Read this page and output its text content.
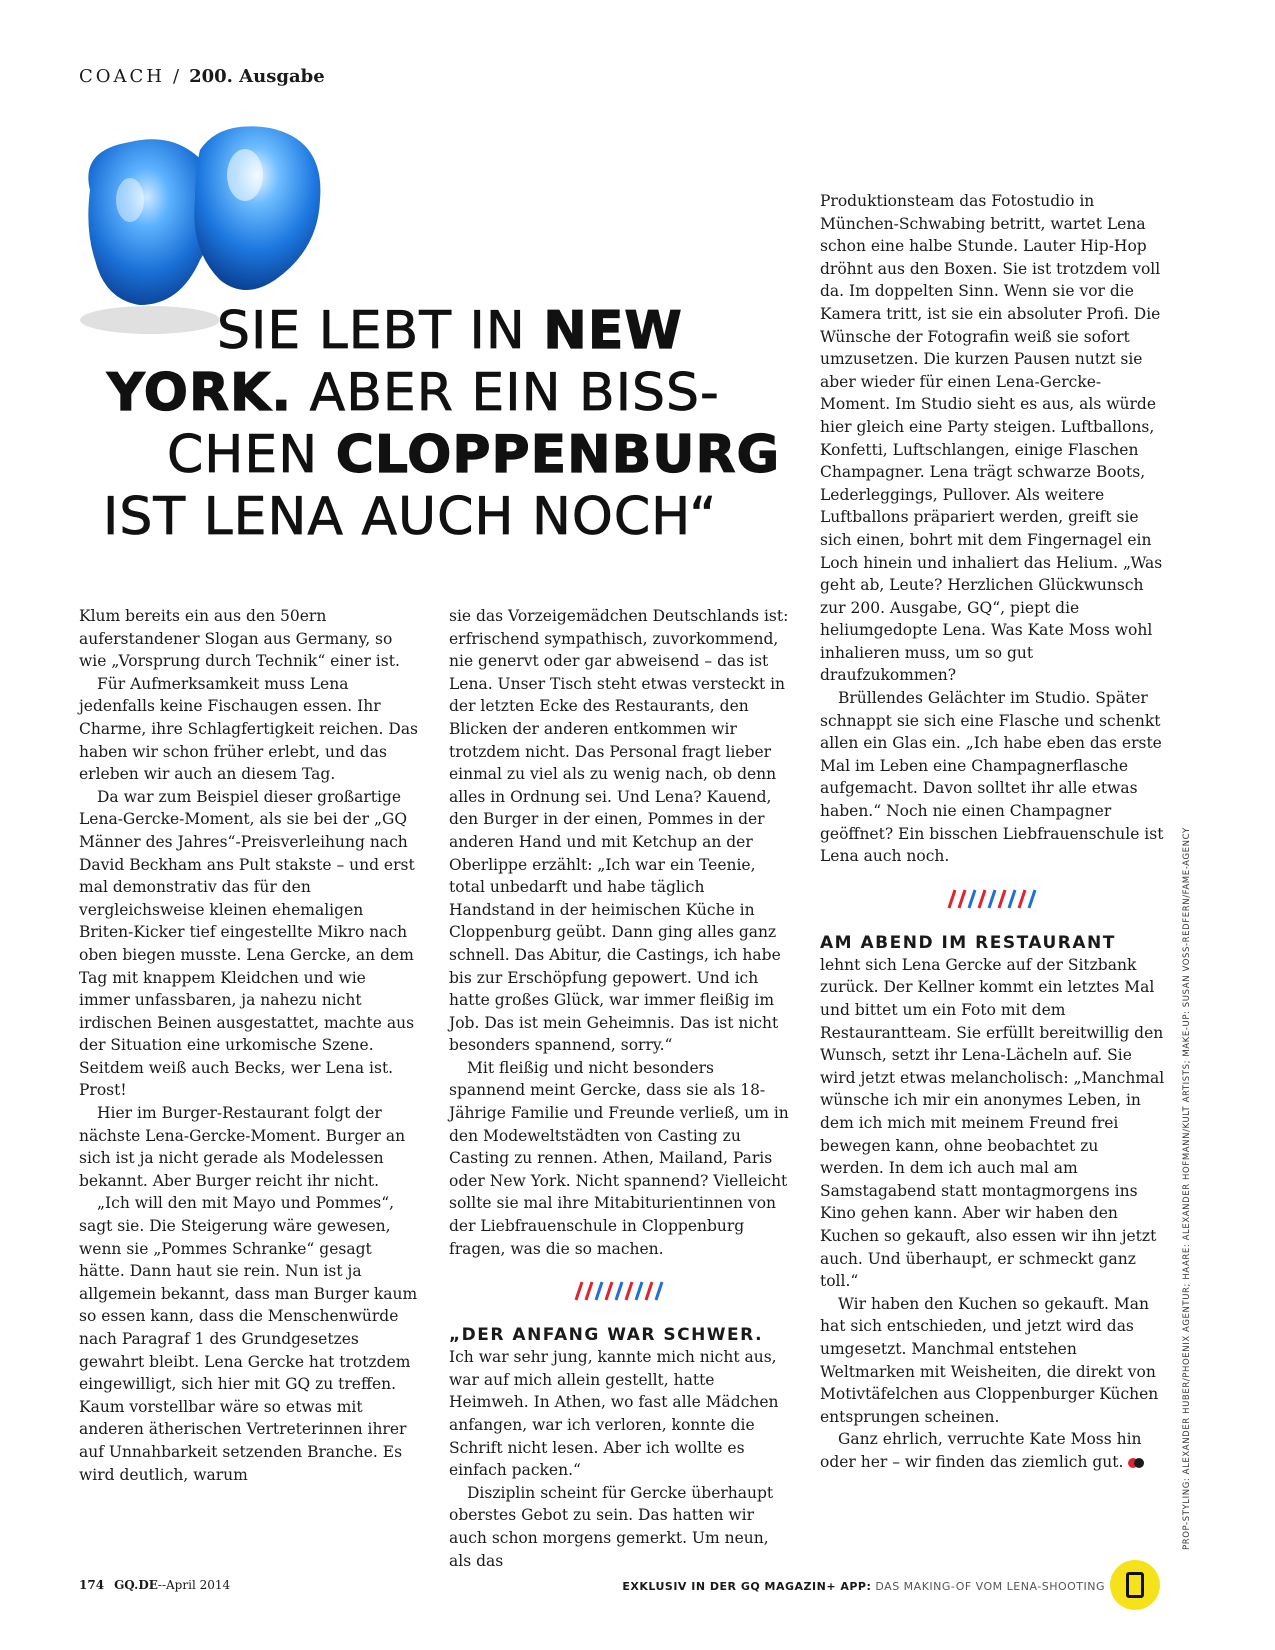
COACH / 200. Ausgabe
SIE LEBT IN NEW
YORK. ABER EIN BISS-
CHEN CLOPPENBURG
IST LENA AUCH NOCH“

Klum bereits ein aus den 50ern auferstandener Slogan aus Germany, so wie „Vorsprung durch Technik“ einer ist.

Für Aufmerksamkeit muss Lena jedenfalls keine Fischaugen essen. Ihr Charme, ihre Schlagfertigkeit reichen. Das haben wir schon früher erlebt, und das erleben wir auch an diesem Tag.

Da war zum Beispiel dieser großartige Lena-Gercke-Moment, als sie bei der „GQ Männer des Jahres“-Preisverleihung nach David Beckham ans Pult stakste – und erst mal demonstrativ das für den vergleichsweise kleinen ehemaligen Briten-Kicker tief eingestellte Mikro nach oben biegen musste. Lena Gercke, an dem Tag mit knappem Kleidchen und wie immer unfassbaren, ja nahezu nicht irdischen Beinen ausgestattet, machte aus der Situation eine urkomische Szene. Seitdem weiß auch Becks, wer Lena ist. Prost!

Hier im Burger-Restaurant folgt der nächste Lena-Gercke-Moment. Burger an sich ist ja nicht gerade als Modelessen bekannt. Aber Burger reicht ihr nicht.

„Ich will den mit Mayo und Pommes“, sagt sie. Die Steigerung wäre gewesen, wenn sie „Pommes Schranke“ gesagt hätte. Dann haut sie rein. Nun ist ja allgemein bekannt, dass man Burger kaum so essen kann, dass die Menschenwürde nach Paragraf 1 des Grundgesetzes gewahrt bleibt. Lena Gercke hat trotzdem eingewilligt, sich hier mit GQ zu treffen. Kaum vorstellbar wäre so etwas mit anderen ätherischen Vertreterinnen ihrer auf Unnahbarkeit setzenden Branche. Es wird deutlich, warum

sie das Vorzeigemädchen Deutschlands ist: erfrischend sympathisch, zuvorkommend, nie genervt oder gar abweisend – das ist Lena. Unser Tisch steht etwas versteckt in der letzten Ecke des Restaurants, den Blicken der anderen entkommen wir trotzdem nicht. Das Personal fragt lieber einmal zu viel als zu wenig nach, ob denn alles in Ordnung sei. Und Lena? Kauend, den Burger in der einen, Pommes in der anderen Hand und mit Ketchup an der Oberlippe erzählt: „Ich war ein Teenie, total unbedarft und habe täglich Handstand in der heimischen Küche in Cloppenburg geübt. Dann ging alles ganz schnell. Das Abitur, die Castings, ich habe bis zur Erschöpfung gepowert. Und ich hatte großes Glück, war immer fleißig im Job. Das ist mein Geheimnis. Das ist nicht besonders spannend, sorry.“

Mit fleißig und nicht besonders spannend meint Gercke, dass sie als 18-Jährige Familie und Freunde verließ, um in den Modeweltstädten von Casting zu Casting zu rennen. Athen, Mailand, Paris oder New York. Nicht spannend? Vielleicht sollte sie mal ihre Mitabiturientinnen von der Liebfrauenschule in Cloppenburg fragen, was die so machen.

„DER ANFANG WAR SCHWER.

Ich war sehr jung, kannte mich nicht aus, war auf mich allein gestellt, hatte Heimweh. In Athen, wo fast alle Mädchen anfangen, war ich verloren, konnte die Schrift nicht lesen. Aber ich wollte es einfach packen.“

Disziplin scheint für Gercke überhaupt oberstes Gebot zu sein. Das hatten wir auch schon morgens gemerkt. Um neun, als das

Produktionsteam das Fotostudio in München-Schwabing betritt, wartet Lena schon eine halbe Stunde. Lauter Hip-Hop dröhnt aus den Boxen. Sie ist trotzdem voll da. Im doppelten Sinn. Wenn sie vor die Kamera tritt, ist sie ein absoluter Profi. Die Wünsche der Fotografin weiß sie sofort umzusetzen. Die kurzen Pausen nutzt sie aber wieder für einen Lena-Gercke-Moment. Im Studio sieht es aus, als würde hier gleich eine Party steigen. Luftballons, Konfetti, Luftschlangen, einige Flaschen Champagner. Lena trägt schwarze Boots, Lederleggings, Pullover. Als weitere Luftballons präpariert werden, greift sie sich einen, bohrt mit dem Fingernagel ein Loch hinein und inhaliert das Helium. „Was geht ab, Leute? Herzlichen Glückwunsch zur 200. Ausgabe, GQ“, piept die heliumgedopte Lena. Was Kate Moss wohl inhalieren muss, um so gut draufzukommen?

Brüllendes Gelächter im Studio. Später schnappt sie sich eine Flasche und schenkt allen ein Glas ein. „Ich habe eben das erste Mal im Leben eine Champagnerflasche aufgemacht. Davon solltet ihr alle etwas haben.“ Noch nie einen Champagner geöffnet? Ein bisschen Liebfrauenschule ist Lena auch noch.

AM ABEND IM RESTAURANT

lehnt sich Lena Gercke auf der Sitzbank zurück. Der Kellner kommt ein letztes Mal und bittet um ein Foto mit dem Restaurantteam. Sie erfüllt bereitwillig den Wunsch, setzt ihr Lena-Lächeln auf. Sie wird jetzt etwas melancholisch: „Manchmal wünsche ich mir ein anonymes Leben, in dem ich mich mit meinem Freund frei bewegen kann, ohne beobachtet zu werden. In dem ich auch mal am Samstagabend statt montagmorgens ins Kino gehen kann. Aber wir haben den Kuchen so gekauft, also essen wir ihn jetzt auch. Und überhaupt, er schmeckt ganz toll.“

Wir haben den Kuchen so gekauft. Man hat sich entschieden, und jetzt wird das umgesetzt. Manchmal entstehen Weltmarken mit Weisheiten, die direkt von Motivtäfelchen aus Cloppenburger Küchen entsprungen scheinen.

Ganz ehrlich, verruchte Kate Moss hin oder her – wir finden das ziemlich gut.	PROP-STYLING: ALEXANDER HUBER/PHOENIX AGENTUR; HAARE: ALEXANDER HOFMANN/KULT ARTISTS; MAKE-UP: SUSAN VOSS-REDFERN/FAME-AGENCY
174 GQ.DE--April 2014	EXKLUSIV IN DER GQ MAGAZIN+ APP: DAS MAKING-OF VOM LENA-SHOOTING
